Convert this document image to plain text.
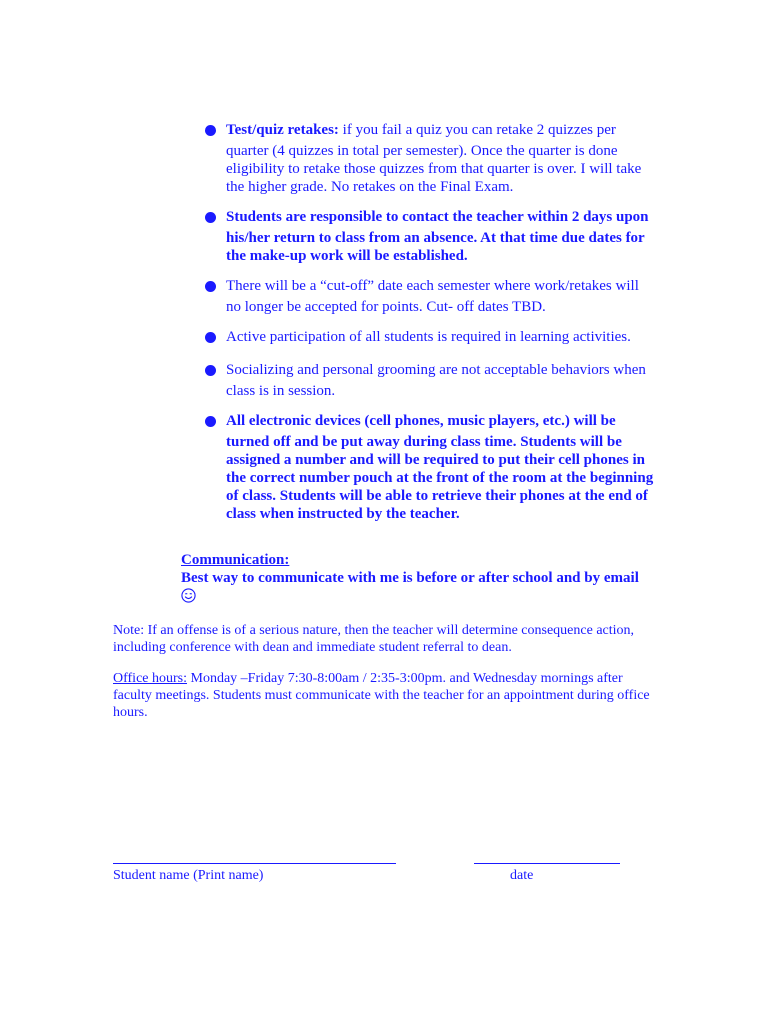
Test/quiz retakes: if you fail a quiz you can retake 2 quizzes per
quarter (4 quizzes in total per semester). Once the quarter is done eligibility to retake those quizzes from that quarter is over. I will take the higher grade. No retakes on the Final Exam.
Students are responsible to contact the teacher within 2 days upon
his/her return to class from an absence. At that time due dates for the make-up work will be established.
There will be a “cut-off” date each semester where work/retakes will
no longer be accepted for points. Cut- off dates TBD.
Active participation of all students is required in learning activities.
Socializing and personal grooming are not acceptable behaviors when
class is in session.
All electronic devices (cell phones, music players, etc.) will be
turned off and be put away during class time. Students will be assigned a number and will be required to put their cell phones in the correct number pouch at the front of the room at the beginning of class. Students will be able to retrieve their phones at the end of class when instructed by the teacher.
Communication:
Best way to communicate with me is before or after school and by email
Note: If an offense is of a serious nature, then the teacher will determine consequence action, including conference with dean and immediate student referral to dean.
Office hours: Monday –Friday 7:30-8:00am / 2:35-3:00pm. and Wednesday mornings after faculty meetings. Students must communicate with the teacher for an appointment during office hours.
Student name (Print name)	date
